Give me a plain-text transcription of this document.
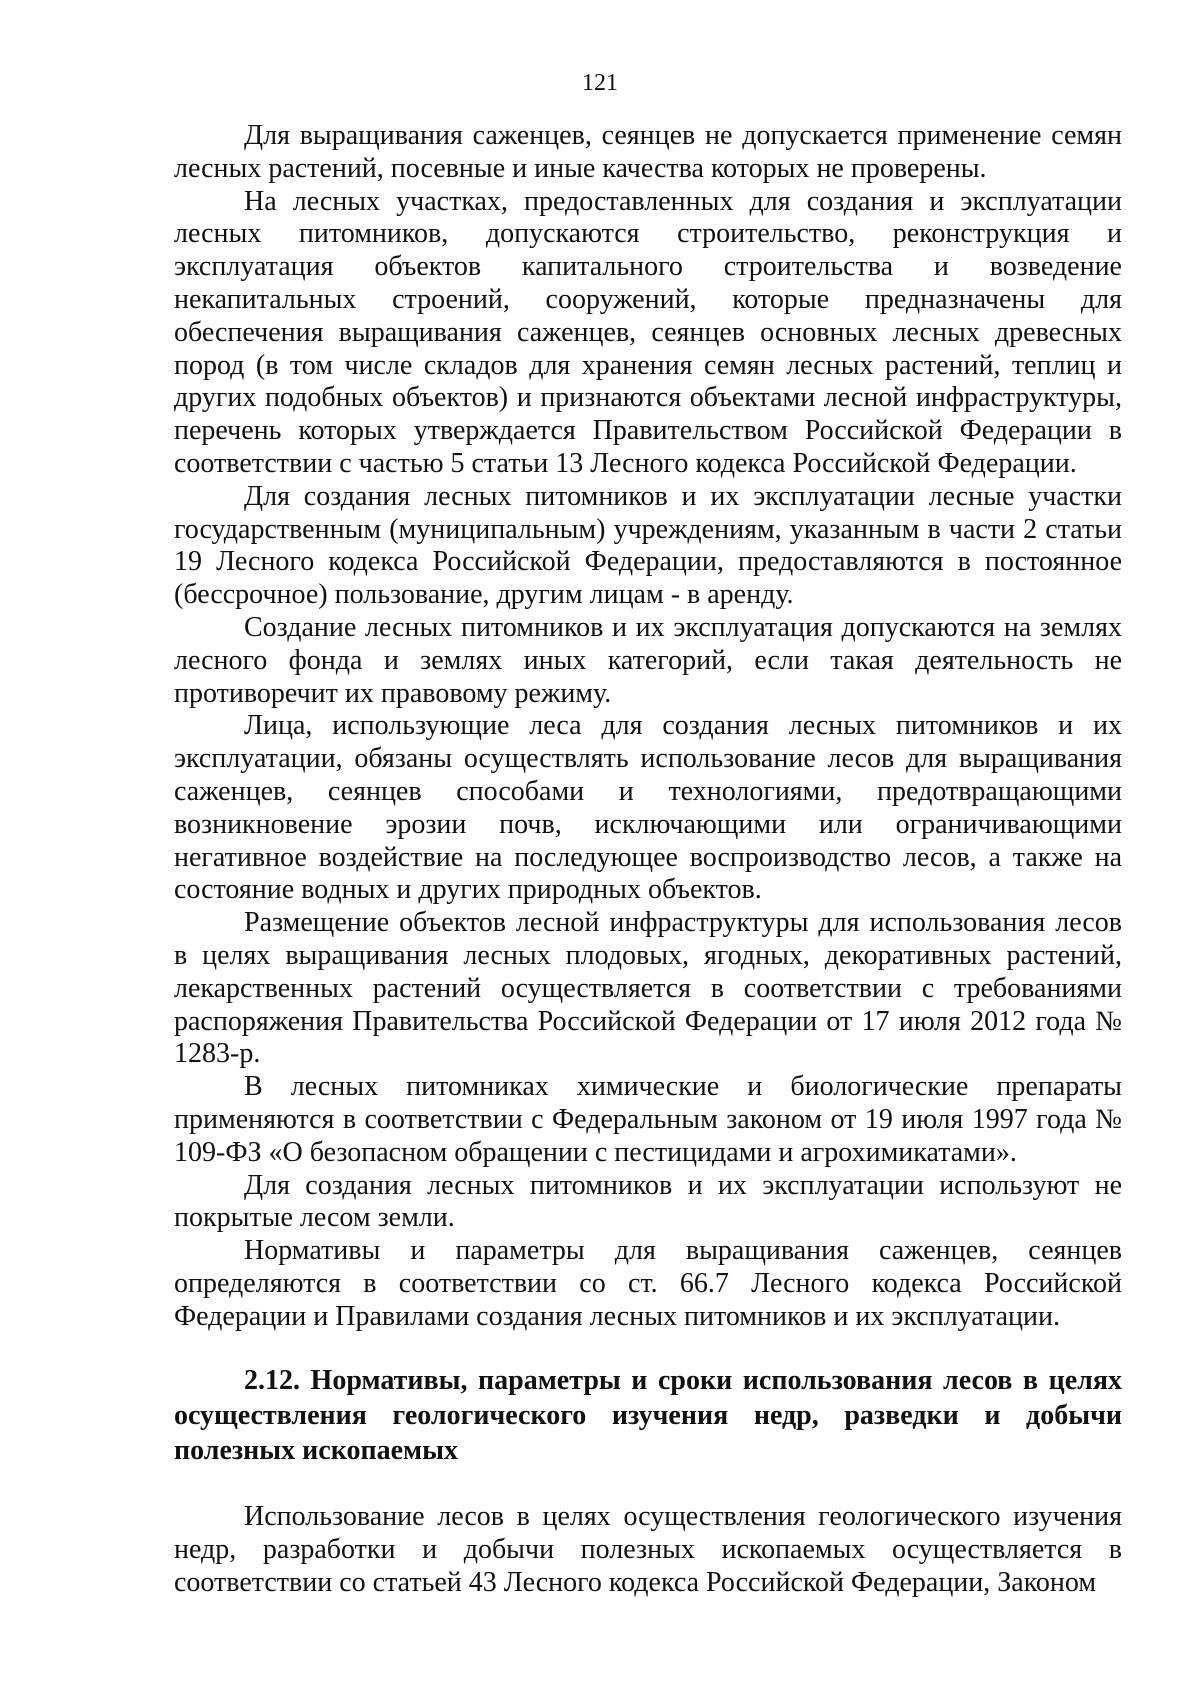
121

Для выращивания саженцев, сеянцев не допускается применение семян лесных растений, посевные и иные качества которых не проверены.

На лесных участках, предоставленных для создания и эксплуатации лесных питомников, допускаются строительство, реконструкция и эксплуатация объектов капитального строительства и возведение некапитальных строений, сооружений, которые предназначены для обеспечения выращивания саженцев, сеянцев основных лесных древесных пород (в том числе складов для хранения семян лесных растений, теплиц и других подобных объектов) и признаются объектами лесной инфраструктуры, перечень которых утверждается Правительством Российской Федерации в соответствии с частью 5 статьи 13 Лесного кодекса Российской Федерации.

Для создания лесных питомников и их эксплуатации лесные участки государственным (муниципальным) учреждениям, указанным в части 2 статьи 19 Лесного кодекса Российской Федерации, предоставляются в постоянное (бессрочное) пользование, другим лицам - в аренду.

Создание лесных питомников и их эксплуатация допускаются на землях лесного фонда и землях иных категорий, если такая деятельность не противоречит их правовому режиму.

Лица, использующие леса для создания лесных питомников и их эксплуатации, обязаны осуществлять использование лесов для выращивания саженцев, сеянцев способами и технологиями, предотвращающими возникновение эрозии почв, исключающими или ограничивающими негативное воздействие на последующее воспроизводство лесов, а также на состояние водных и других природных объектов.

Размещение объектов лесной инфраструктуры для использования лесов в целях выращивания лесных плодовых, ягодных, декоративных растений, лекарственных растений осуществляется в соответствии с требованиями распоряжения Правительства Российской Федерации от 17 июля 2012 года № 1283-р.

В лесных питомниках химические и биологические препараты применяются в соответствии с Федеральным законом от 19 июля 1997 года № 109-ФЗ «О безопасном обращении с пестицидами и агрохимикатами».

Для создания лесных питомников и их эксплуатации используют не покрытые лесом земли.

Нормативы и параметры для выращивания саженцев, сеянцев определяются в соответствии со ст. 66.7 Лесного кодекса Российской Федерации и Правилами создания лесных питомников и их эксплуатации.

2.12. Нормативы, параметры и сроки использования лесов в целях осуществления геологического изучения недр, разведки и добычи полезных ископаемых

Использование лесов в целях осуществления геологического изучения недр, разработки и добычи полезных ископаемых осуществляется в соответствии со статьей 43 Лесного кодекса Российской Федерации, Законом
